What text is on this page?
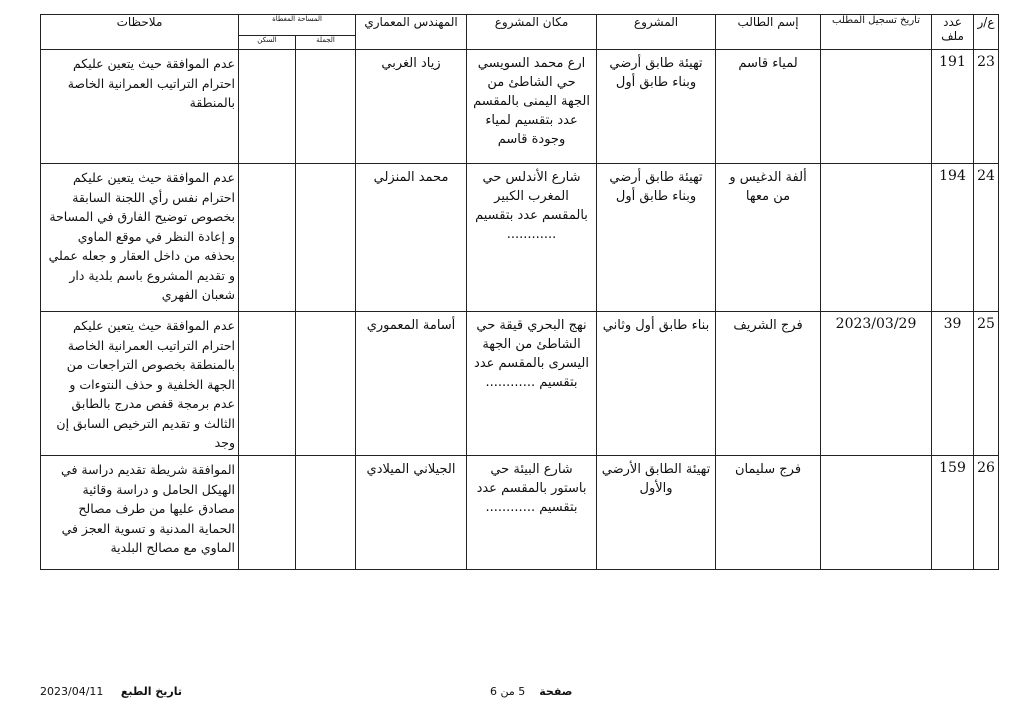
ع/ر	عدد ملف	تاريخ تسجيل المطلب	إسم الطالب	المشروع	مكان المشروع	المهندس المعماري	المساحة المغطاة		ملاحظات
							الجملة	السكن	

23	191		لمياء قاسم	تهيئة طابق أرضي وبناء طابق أول	ارع محمد السويسي حي الشاطئ من الجهة اليمنى بالمقسم عدد بتقسيم لمياء وجودة قاسم	زياد الغربي			عدم الموافقة حيث يتعين عليكم احترام التراتيب العمرانية الخاصة بالمنطقة

24	194		ألفة الدغيس و من معها	تهيئة طابق أرضي وبناء طابق أول	شارع الأندلس حي المغرب الكبير بالمقسم عدد بتقسيم ............	محمد المنزلي			عدم الموافقة حيث يتعين عليكم احترام نفس رأي اللجنة السابقة بخصوص توضيح الفارق في المساحة و إعادة النظر في موقع الماوي بحذفه من داخل العقار و جعله عملي و تقديم المشروع باسم بلدية دار شعبان الفهري

25	39	2023/03/29	فرج الشريف	بناء طابق أول وثاني	نهج البحري قيقة حي الشاطئ من الجهة اليسرى بالمقسم عدد بتقسيم ............	أسامة المعموري			عدم الموافقة حيث يتعين عليكم احترام التراتيب العمرانية الخاصة بالمنطقة بخصوص التراجعات من الجهة الخلفية و حذف النتوءات و عدم برمجة قفص مدرج بالطابق الثالث و تقديم الترخيص السابق إن وجد

26	159		فرج سليمان	تهيئة الطابق الأرضي والأول	شارع البيئة حي باستور بالمقسم عدد بتقسيم ............	الجيلاني الميلادي			الموافقة شريطة تقديم دراسة في الهيكل الحامل و دراسة وقائية مصادق عليها من طرف مصالح الحماية المدنية و تسوية العجز في الماوي مع مصالح البلدية
صفحة    5 من 6
تاريخ الطبع     2023/04/11
